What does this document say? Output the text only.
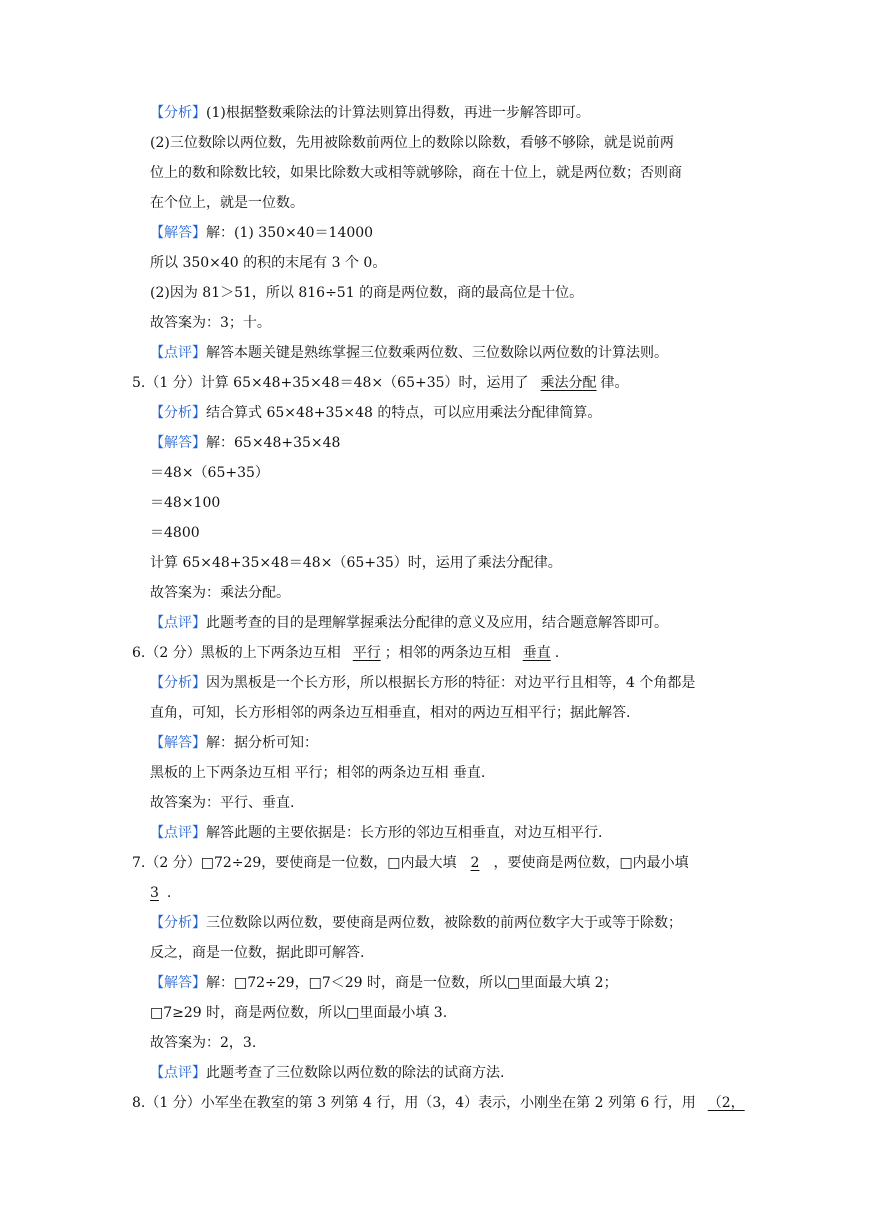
【分析】(1)根据整数乘除法的计算法则算出得数，再进一步解答即可。
(2)三位数除以两位数，先用被除数前两位上的数除以除数，看够不够除，就是说前两
位上的数和除数比较，如果比除数大或相等就够除，商在十位上，就是两位数；否则商
在个位上，就是一位数。
【解答】解：(1) 350×40＝14000
所以 350×40 的积的末尾有 3 个 0。
(2)因为 81＞51，所以 816÷51 的商是两位数，商的最高位是十位。
故答案为：3；十。
【点评】解答本题关键是熟练掌握三位数乘两位数、三位数除以两位数的计算法则。
5.（1 分）计算 65×48+35×48＝48×（65+35）时，运用了 乘法分配 律。
【分析】结合算式 65×48+35×48 的特点，可以应用乘法分配律简算。
【解答】解：65×48+35×48
＝48×（65+35）
＝48×100
＝4800
计算 65×48+35×48＝48×（65+35）时，运用了乘法分配律。
故答案为：乘法分配。
【点评】此题考查的目的是理解掌握乘法分配律的意义及应用，结合题意解答即可。
6.（2 分）黑板的上下两条边互相 平行 ；相邻的两条边互相 垂直 .
【分析】因为黑板是一个长方形，所以根据长方形的特征：对边平行且相等，4 个角都是
直角，可知，长方形相邻的两条边互相垂直，相对的两边互相平行；据此解答.
【解答】解：据分析可知：
黑板的上下两条边互相 平行；相邻的两条边互相 垂直.
故答案为：平行、垂直.
【点评】解答此题的主要依据是：长方形的邻边互相垂直，对边互相平行.
7.（2 分）□72÷29，要使商是一位数，□内最大填 2 ，要使商是两位数，□内最小填
3 .
【分析】三位数除以两位数，要使商是两位数，被除数的前两位数字大于或等于除数；
反之，商是一位数，据此即可解答.
【解答】解：□72÷29，□7＜29 时，商是一位数，所以□里面最大填 2；
□7≥29 时，商是两位数，所以□里面最小填 3.
故答案为：2，3.
【点评】此题考查了三位数除以两位数的除法的试商方法.
8.（1 分）小军坐在教室的第 3 列第 4 行，用（3，4）表示，小刚坐在第 2 列第 6 行，用 （2，
